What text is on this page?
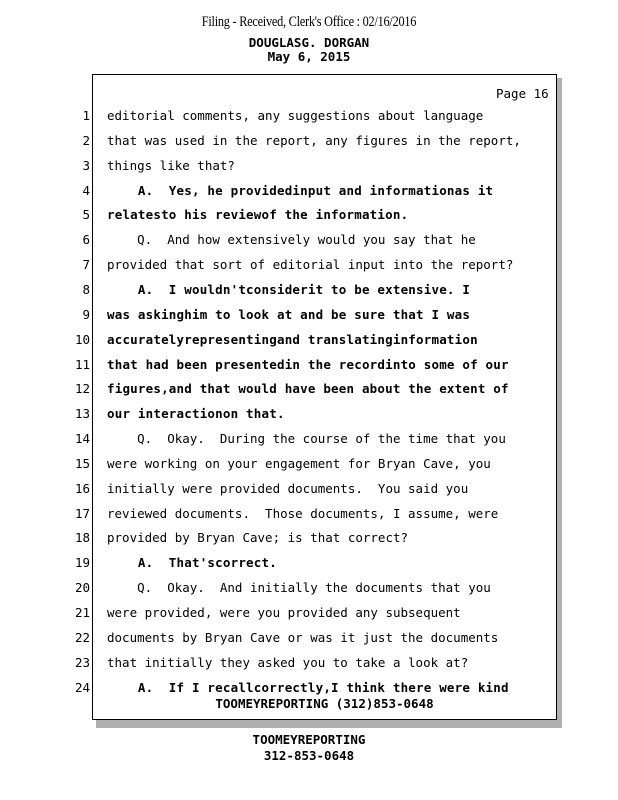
Filing - Received, Clerk's Office : 02/16/2016
DOUGLASG. DORGAN
May 6, 2015
Page 16
1 editorial comments, any suggestions about language
2 that was used in the report, any figures in the report,
3 things like that?
4 A.  Yes, he providedinput and informationas it
5 relatesto his reviewof the information.
6 Q.  And how extensively would you say that he
7 provided that sort of editorial input into the report?
8 A.  I wouldn'tconsiderit to be extensive. I
9 was askinghim to look at and be sure that I was
10 accuratelyrepresentingand translatinginformation
11 that had been presentedin the recordinto some of our
12 figures,and that would have been about the extent of
13 our interactionon that.
14 Q.  Okay.  During the course of the time that you
15 were working on your engagement for Bryan Cave, you
16 initially were provided documents.  You said you
17 reviewed documents.  Those documents, I assume, were
18 provided by Bryan Cave; is that correct?
19 A.  That'scorrect.
20 Q.  Okay.  And initially the documents that you
21 were provided, were you provided any subsequent
22 documents by Bryan Cave or was it just the documents
23 that initially they asked you to take a look at?
24 A.  If I recallcorrectly,I think there were kind
TOOMEYREPORTING (312)853-0648
TOOMEYREPORTING
312-853-0648
